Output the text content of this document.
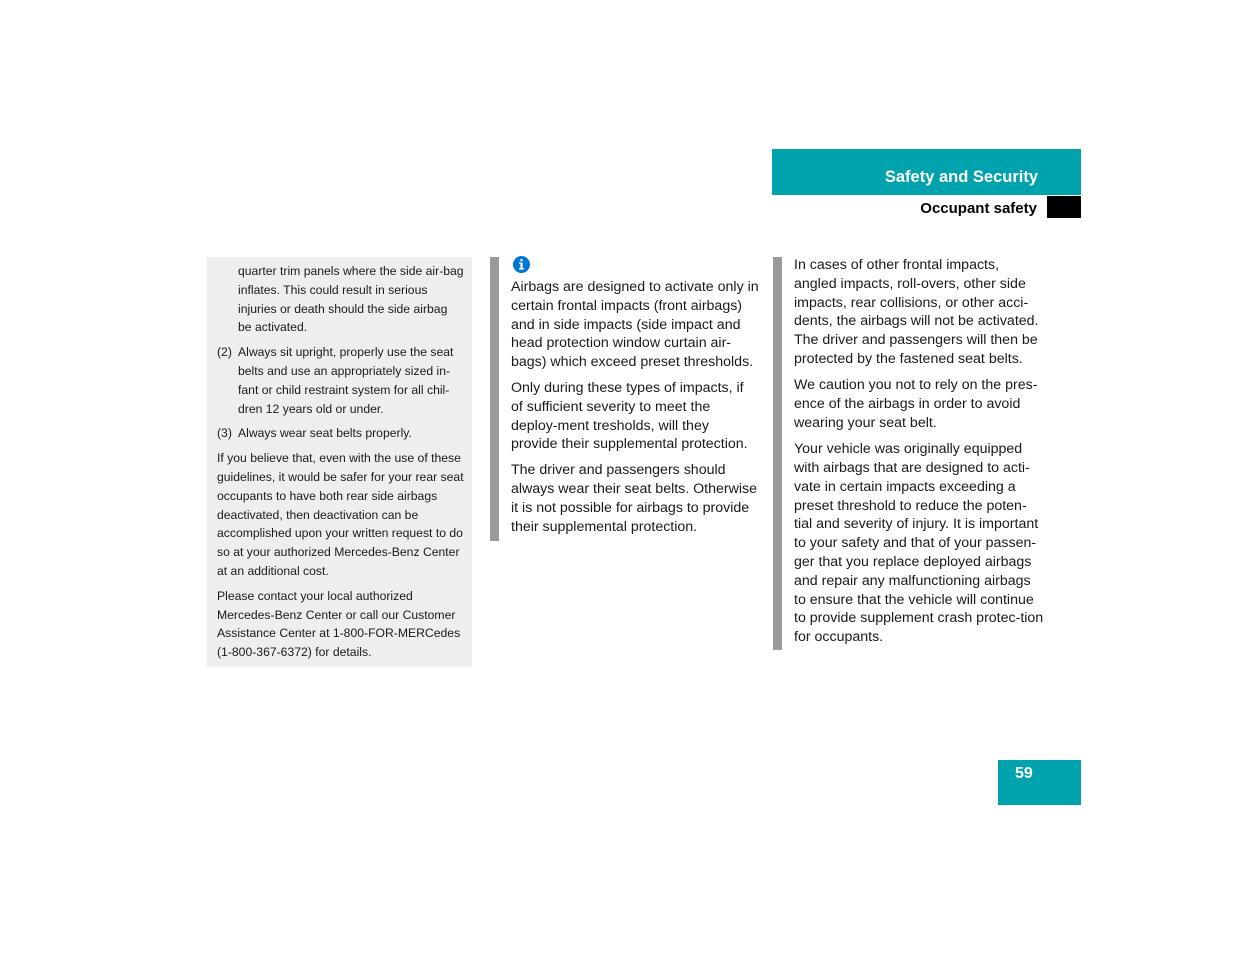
Safety and Security
Occupant safety

quarter trim panels where the side air-bag inflates. This could result in serious injuries or death should the side airbag be activated.

(2) Always sit upright, properly use the seat belts and use an appropriately sized in-fant or child restraint system for all chil-dren 12 years old or under.

(3) Always wear seat belts properly.

If you believe that, even with the use of these guidelines, it would be safer for your rear seat occupants to have both rear side airbags deactivated, then deactivation can be accomplished upon your written request to do so at your authorized Mercedes-Benz Center at an additional cost.

Please contact your local authorized Mercedes-Benz Center or call our Customer Assistance Center at 1-800-FOR-MERCedes (1-800-367-6372) for details.

Airbags are designed to activate only in certain frontal impacts (front airbags) and in side impacts (side impact and head protection window curtain air-bags) which exceed preset thresholds.

Only during these types of impacts, if of sufficient severity to meet the deploy-ment tresholds, will they provide their supplemental protection.

The driver and passengers should always wear their seat belts. Otherwise it is not possible for airbags to provide their supplemental protection.

In cases of other frontal impacts, angled impacts, roll-overs, other side impacts, rear collisions, or other acci-dents, the airbags will not be activated. The driver and passengers will then be protected by the fastened seat belts.

We caution you not to rely on the pres-ence of the airbags in order to avoid wearing your seat belt.

Your vehicle was originally equipped with airbags that are designed to acti-vate in certain impacts exceeding a preset threshold to reduce the poten-tial and severity of injury. It is important to your safety and that of your passen-ger that you replace deployed airbags and repair any malfunctioning airbags to ensure that the vehicle will continue to provide supplement crash protec-tion for occupants.

59
